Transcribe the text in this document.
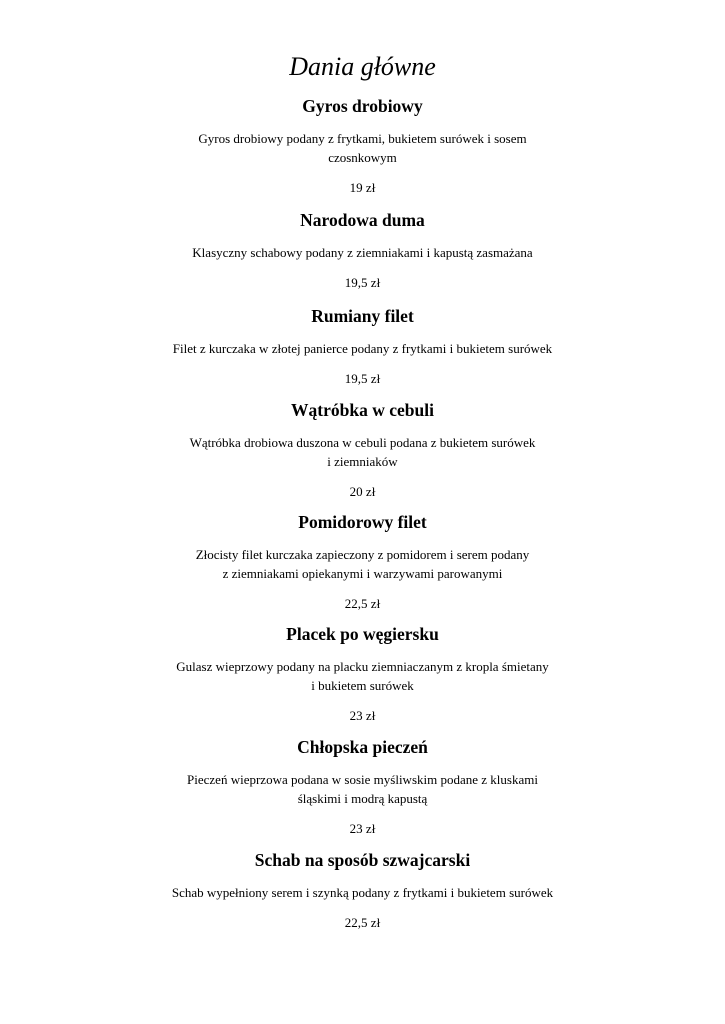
Dania główne
Gyros drobiowy
Gyros drobiowy podany z frytkami, bukietem surówek i sosem
czosnkowym
19 zł
Narodowa duma
Klasyczny schabowy podany z ziemniakami i kapustą zasmażana
19,5 zł
Rumiany filet
Filet z kurczaka w złotej panierce podany z frytkami i bukietem surówek
19,5 zł
Wątróbka w cebuli
Wątróbka drobiowa duszona w cebuli podana z bukietem surówek
i ziemniaków
20 zł
Pomidorowy filet
Złocisty filet kurczaka zapieczony z pomidorem i serem podany
z ziemniakami opiekanymi i warzywami parowanymi
22,5 zł
Placek po węgiersku
Gulasz wieprzowy podany na placku ziemniaczanym z kropla śmietany
i bukietem surówek
23 zł
Chłopska pieczeń
Pieczeń wieprzowa podana w sosie myśliwskim podane z kluskami
śląskimi i modrą kapustą
23 zł
Schab na sposób szwajcarski
Schab wypełniony serem i szynką podany z frytkami i bukietem surówek
22,5 zł
